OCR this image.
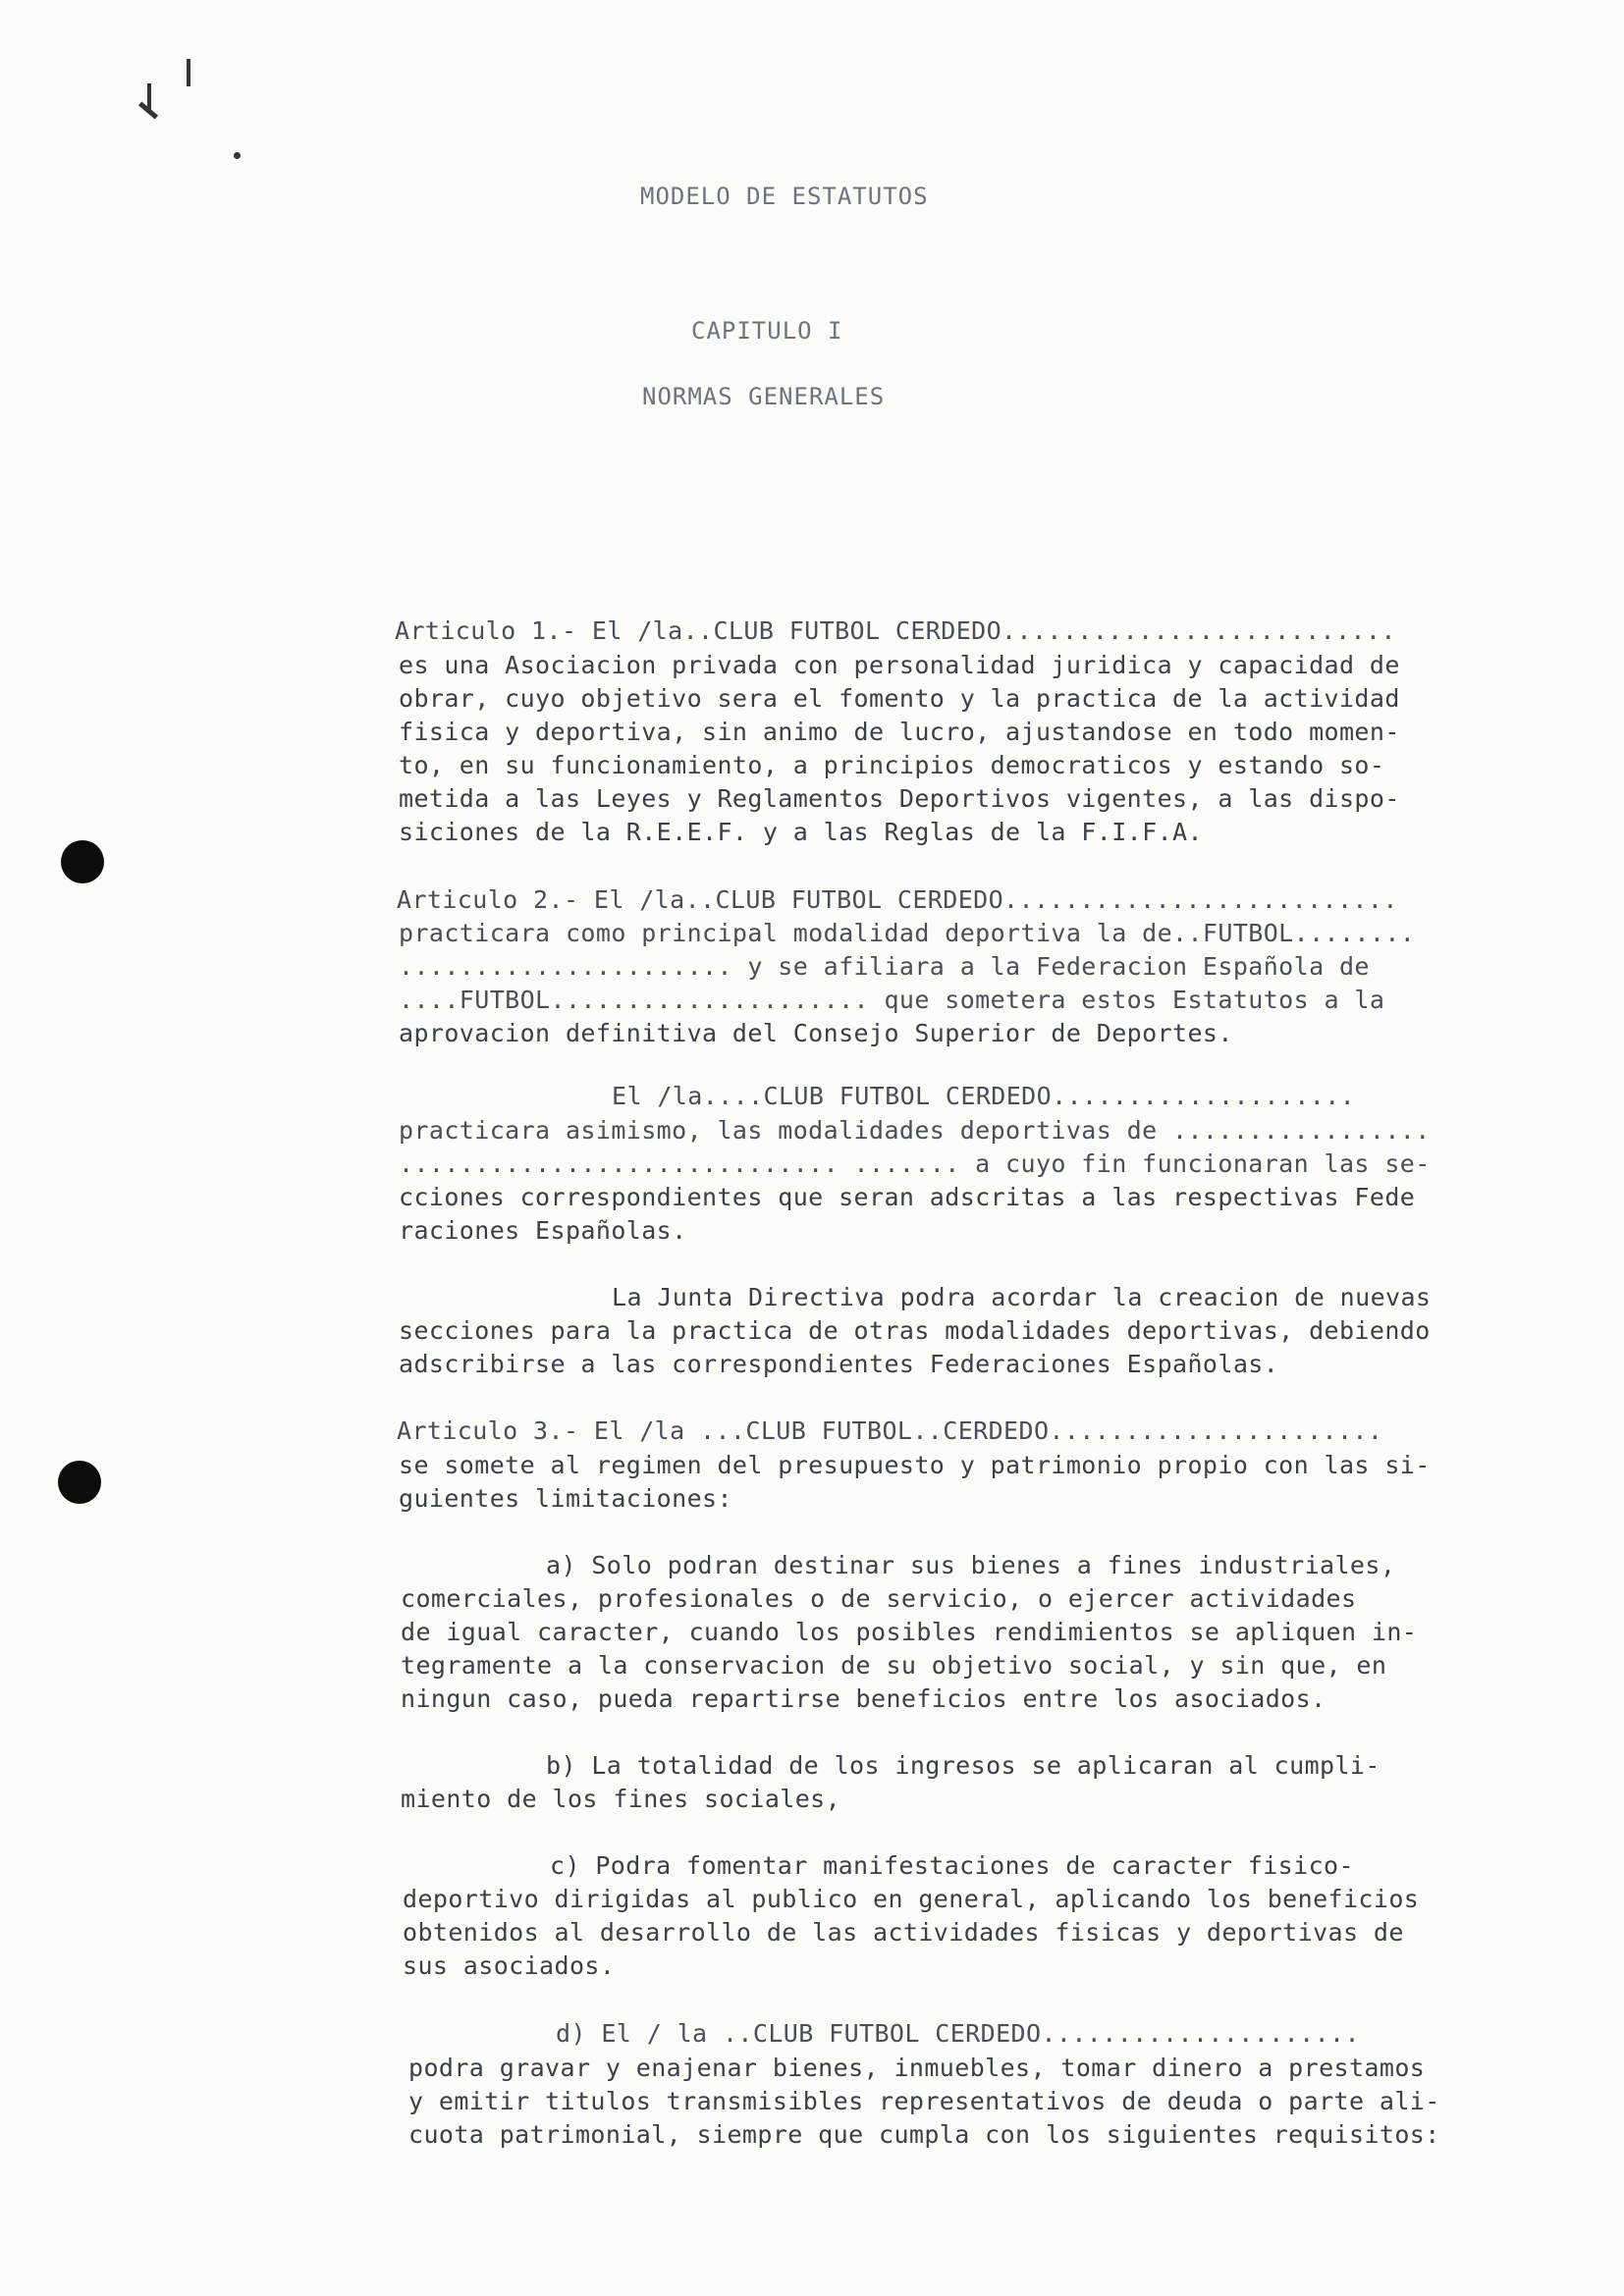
MODELO DE ESTATUTOS
CAPITULO I
NORMAS GENERALES
Articulo 1.- El /la..CLUB FUTBOL CERDEDO..........................
es una Asociacion privada con personalidad juridica y capacidad de
obrar, cuyo objetivo sera el fomento y la practica de la actividad
fisica y deportiva, sin animo de lucro, ajustandose en todo momen-
to, en su funcionamiento, a principios democraticos y estando so-
metida a las Leyes y Reglamentos Deportivos vigentes, a las dispo-
siciones de la R.E.E.F. y a las Reglas de la F.I.F.A.
Articulo 2.- El /la..CLUB FUTBOL CERDEDO..........................
practicara como principal modalidad deportiva la de..FUTBOL........
...................... y se afiliara a la Federacion Española de
....FUTBOL..................... que sometera estos Estatutos a la
aprovacion definitiva del Consejo Superior de Deportes.
El /la....CLUB FUTBOL CERDEDO....................
practicara asimismo, las modalidades deportivas de .................
............................. ....... a cuyo fin funcionaran las se-
cciones correspondientes que seran adscritas a las respectivas Fede
raciones Españolas.
La Junta Directiva podra acordar la creacion de nuevas
secciones para la practica de otras modalidades deportivas, debiendo
adscribirse a las correspondientes Federaciones Españolas.
Articulo 3.- El /la ...CLUB FUTBOL..CERDEDO......................
se somete al regimen del presupuesto y patrimonio propio con las si-
guientes limitaciones:
a) Solo podran destinar sus bienes a fines industriales,
comerciales, profesionales o de servicio, o ejercer actividades
de igual caracter, cuando los posibles rendimientos se apliquen in-
tegramente a la conservacion de su objetivo social, y sin que, en
ningun caso, pueda repartirse beneficios entre los asociados.
b) La totalidad de los ingresos se aplicaran al cumpli-
miento de los fines sociales,
c) Podra fomentar manifestaciones de caracter fisico-
deportivo dirigidas al publico en general, aplicando los beneficios
obtenidos al desarrollo de las actividades fisicas y deportivas de
sus asociados.
d) El / la ..CLUB FUTBOL CERDEDO.....................
podra gravar y enajenar bienes, inmuebles, tomar dinero a prestamos
y emitir titulos transmisibles representativos de deuda o parte ali-
cuota patrimonial, siempre que cumpla con los siguientes requisitos:
